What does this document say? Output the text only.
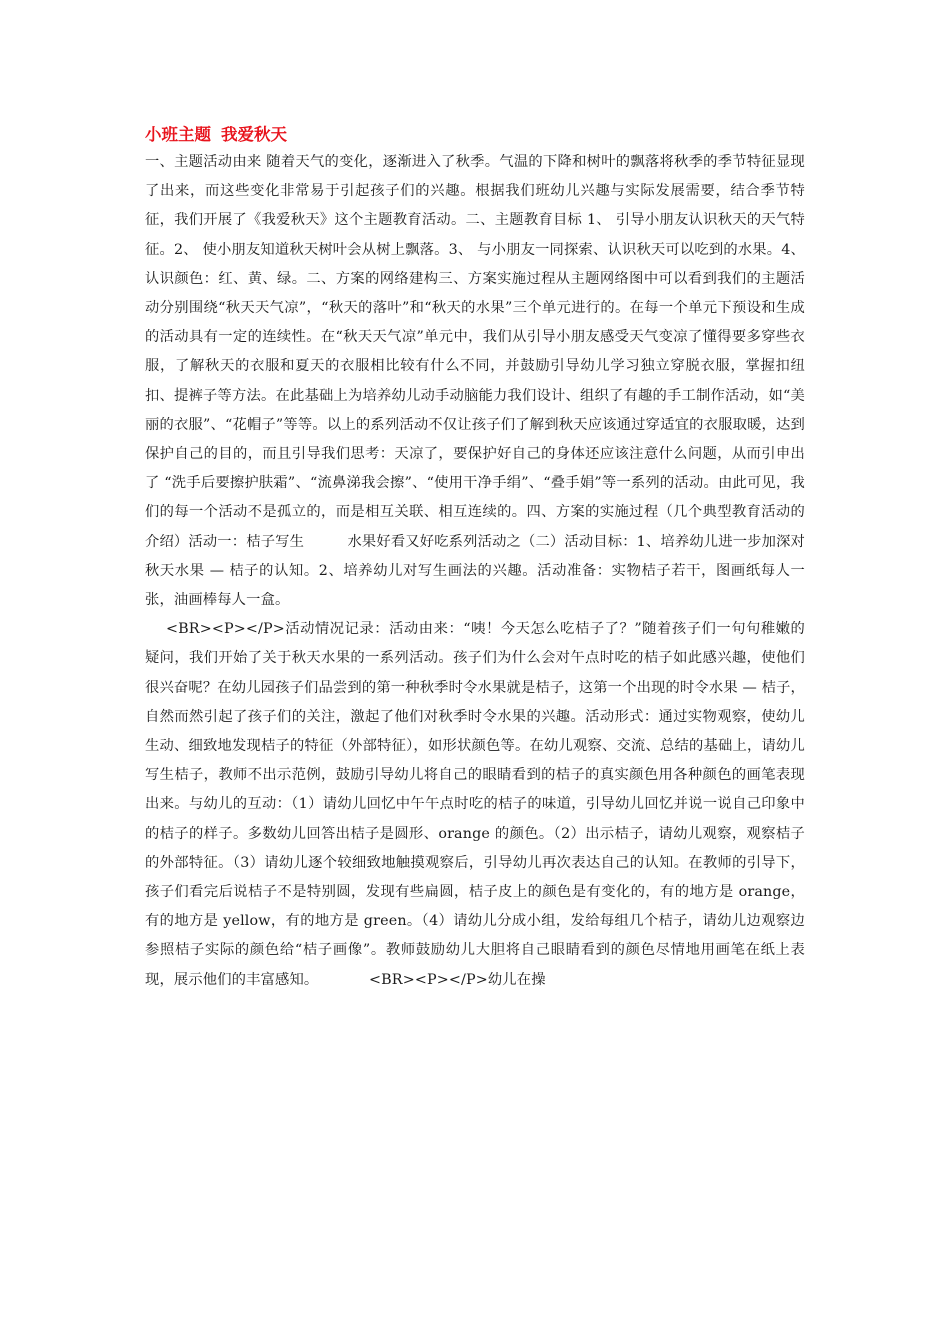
小班主题 我爱秋天

一、主题活动由来 随着天气的变化，逐渐进入了秋季。气温的下降和树叶的飘落将秋季的季节特征显现了出来，而这些变化非常易于引起孩子们的兴趣。根据我们班幼儿兴趣与实际发展需要，结合季节特征，我们开展了《我爱秋天》这个主题教育活动。二、主题教育目标 1、 引导小朋友认识秋天的天气特征。2、 使小朋友知道秋天树叶会从树上飘落。3、 与小朋友一同探索、认识秋天可以吃到的水果。4、 认识颜色：红、黄、绿。二、方案的网络建构三、方案实施过程从主题网络图中可以看到我们的主题活动分别围绕“秋天天气凉”，“秋天的落叶”和“秋天的水果”三个单元进行的。在每一个单元下预设和生成的活动具有一定的连续性。在“秋天天气凉”单元中，我们从引导小朋友感受天气变凉了懂得要多穿些衣服，了解秋天的衣服和夏天的衣服相比较有什么不同，并鼓励引导幼儿学习独立穿脱衣服，掌握扣纽扣、提裤子等方法。在此基础上为培养幼儿动手动脑能力我们设计、组织了有趣的手工制作活动，如“美丽的衣服”、“花帽子”等等。以上的系列活动不仅让孩子们了解到秋天应该通过穿适宜的衣服取暖，达到保护自己的目的，而且引导我们思考：天凉了，要保护好自己的身体还应该注意什么问题，从而引申出了 “洗手后要擦护肤霜”、“流鼻涕我会擦”、“使用干净手绢”、“叠手娟”等一系列的活动。由此可见，我们的每一个活动不是孤立的，而是相互关联、相互连续的。四、方案的实施过程（几个典型教育活动的介绍）活动一：桔子写生　　　水果好看又好吃系列活动之（二）活动目标：1、培养幼儿进一步加深对秋天水果 — 桔子的认知。2、培养幼儿对写生画法的兴趣。活动准备：实物桔子若干，图画纸每人一张，油画棒每人一盒。

<BR><P></P>活动情况记录：活动由来：“咦！今天怎么吃桔子了？”随着孩子们一句句稚嫩的疑问，我们开始了关于秋天水果的一系列活动。孩子们为什么会对午点时吃的桔子如此感兴趣，使他们很兴奋呢？在幼儿园孩子们品尝到的第一种秋季时令水果就是桔子，这第一个出现的时令水果 — 桔子，自然而然引起了孩子们的关注，激起了他们对秋季时令水果的兴趣。活动形式：通过实物观察，使幼儿生动、细致地发现桔子的特征（外部特征），如形状颜色等。在幼儿观察、交流、总结的基础上，请幼儿写生桔子，教师不出示范例，鼓励引导幼儿将自己的眼睛看到的桔子的真实颜色用各种颜色的画笔表现出来。与幼儿的互动：（1）请幼儿回忆中午午点时吃的桔子的味道，引导幼儿回忆并说一说自己印象中的桔子的样子。多数幼儿回答出桔子是圆形、orange 的颜色。（2）出示桔子，请幼儿观察，观察桔子的外部特征。（3）请幼儿逐个较细致地触摸观察后，引导幼儿再次表达自己的认知。在教师的引导下，孩子们看完后说桔子不是特别圆，发现有些扁圆，桔子皮上的颜色是有变化的，有的地方是 orange，有的地方是 yellow，有的地方是 green。（4）请幼儿分成小组，发给每组几个桔子，请幼儿边观察边参照桔子实际的颜色给“桔子画像”。教师鼓励幼儿大胆将自己眼睛看到的颜色尽情地用画笔在纸上表现，展示他们的丰富感知。　　　　<BR><P></P>幼儿在操
